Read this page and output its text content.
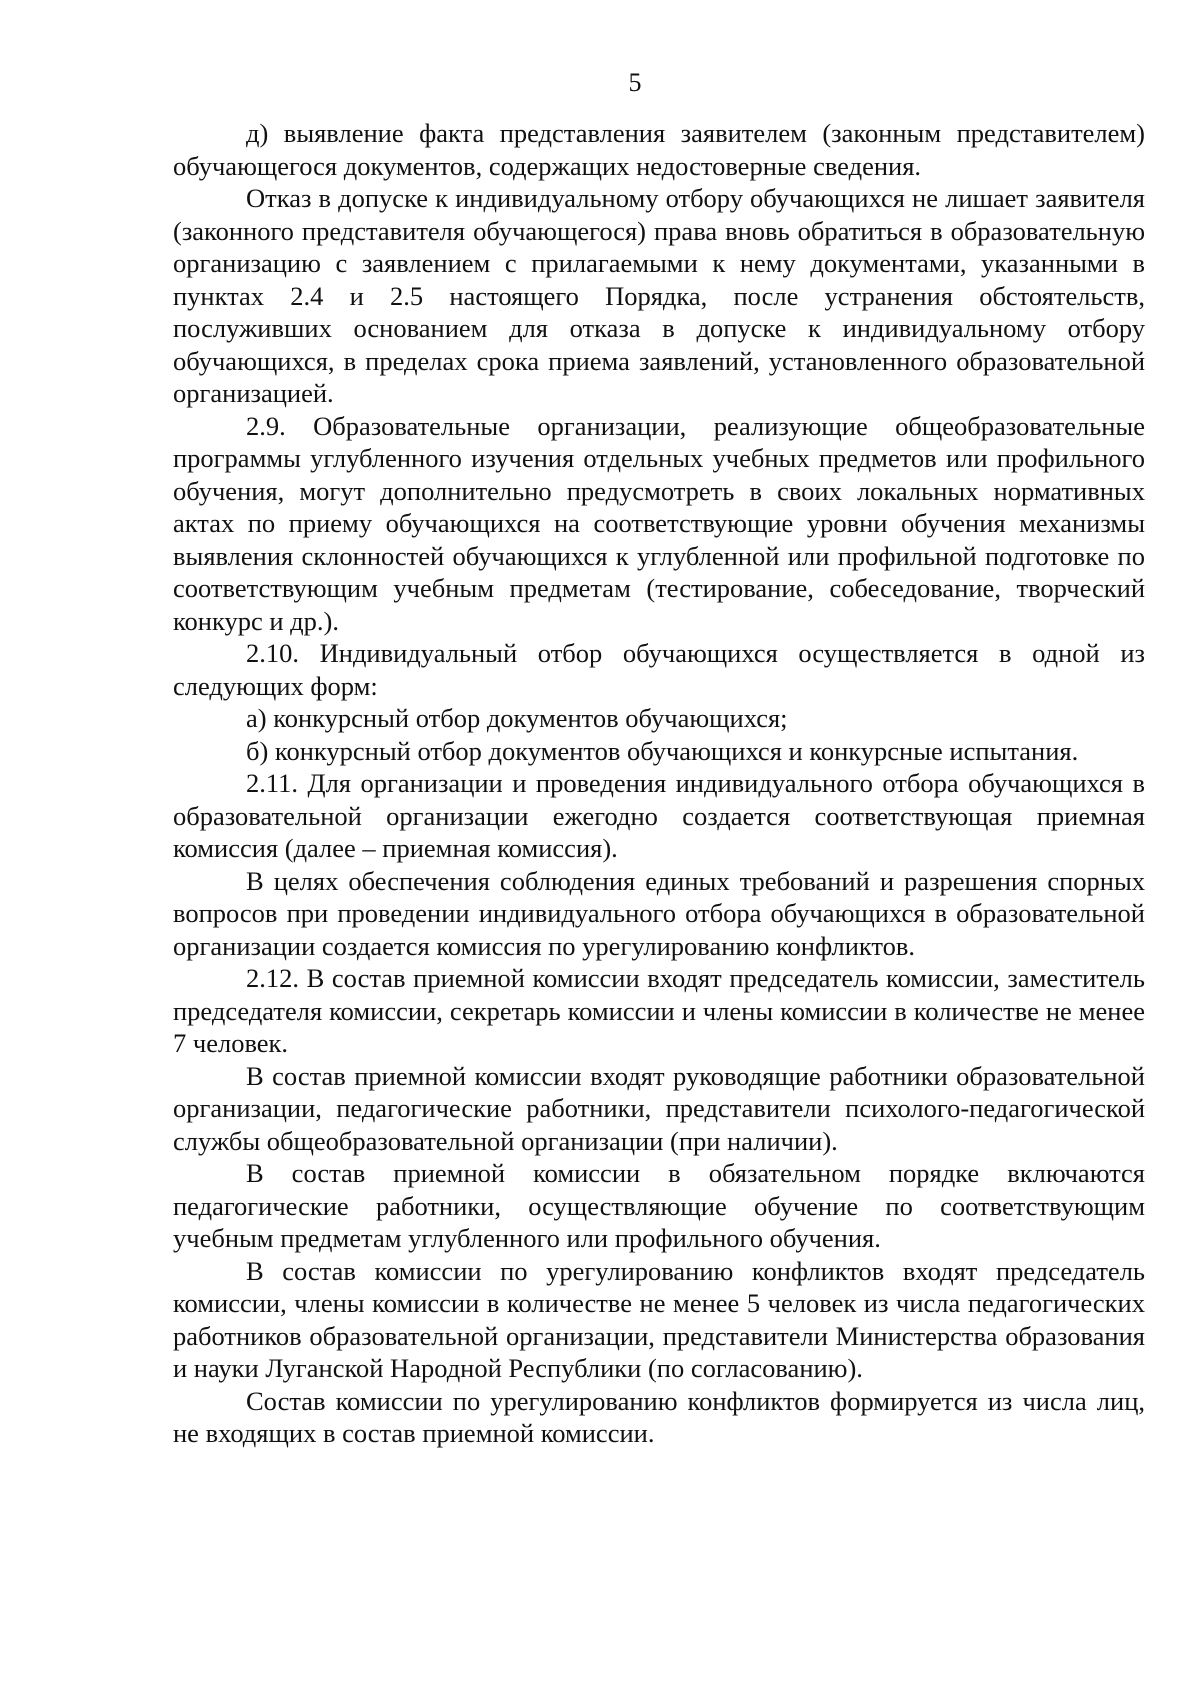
5

д) выявление факта представления заявителем (законным представителем) обучающегося документов, содержащих недостоверные сведения.

Отказ в допуске к индивидуальному отбору обучающихся не лишает заявителя (законного представителя обучающегося) права вновь обратиться в образовательную организацию с заявлением с прилагаемыми к нему документами, указанными в пунктах 2.4 и 2.5 настоящего Порядка, после устранения обстоятельств, послуживших основанием для отказа в допуске к индивидуальному отбору обучающихся, в пределах срока приема заявлений, установленного образовательной организацией.

2.9. Образовательные организации, реализующие общеобразовательные программы углубленного изучения отдельных учебных предметов или профильного обучения, могут дополнительно предусмотреть в своих локальных нормативных актах по приему обучающихся на соответствующие уровни обучения механизмы выявления склонностей обучающихся к углубленной или профильной подготовке по соответствующим учебным предметам (тестирование, собеседование, творческий конкурс и др.).

2.10. Индивидуальный отбор обучающихся осуществляется в одной из следующих форм:

а) конкурсный отбор документов обучающихся;

б) конкурсный отбор документов обучающихся и конкурсные испытания.

2.11. Для организации и проведения индивидуального отбора обучающихся в образовательной организации ежегодно создается соответствующая приемная комиссия (далее – приемная комиссия).

В целях обеспечения соблюдения единых требований и разрешения спорных вопросов при проведении индивидуального отбора обучающихся в образовательной организации создается комиссия по урегулированию конфликтов.

2.12. В состав приемной комиссии входят председатель комиссии, заместитель председателя комиссии, секретарь комиссии и члены комиссии в количестве не менее 7 человек.

В состав приемной комиссии входят руководящие работники образовательной организации, педагогические работники, представители психолого-педагогической службы общеобразовательной организации (при наличии).

В состав приемной комиссии в обязательном порядке включаются педагогические работники, осуществляющие обучение по соответствующим учебным предметам углубленного или профильного обучения.

В состав комиссии по урегулированию конфликтов входят председатель комиссии, члены комиссии в количестве не менее 5 человек из числа педагогических работников образовательной организации, представители Министерства образования и науки Луганской Народной Республики (по согласованию).

Состав комиссии по урегулированию конфликтов формируется из числа лиц, не входящих в состав приемной комиссии.
